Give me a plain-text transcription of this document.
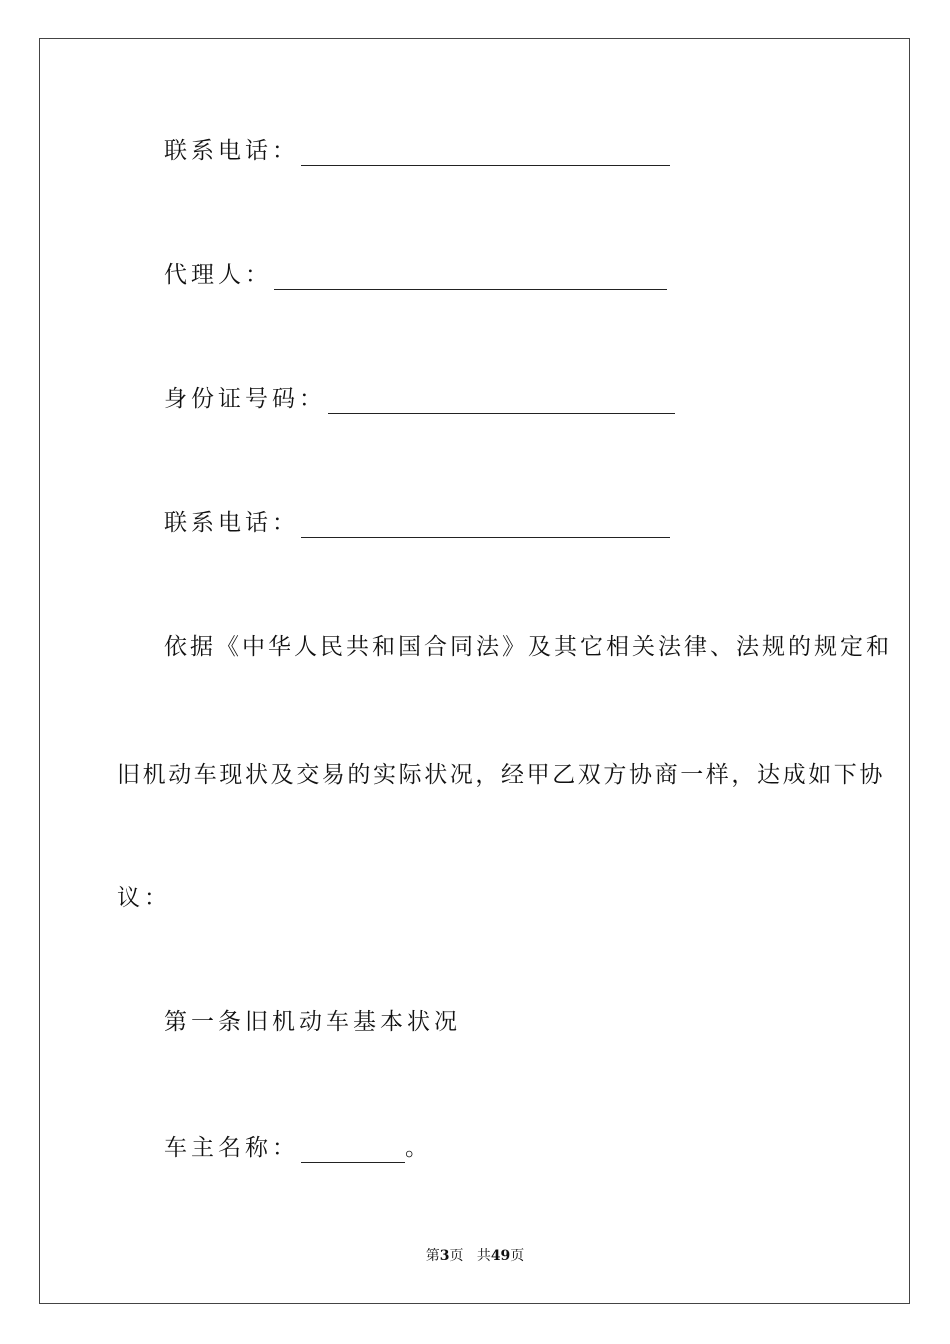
联系电话：
代理人：
身份证号码：
联系电话：
依据《中华人民共和国合同法》及其它相关法律、法规的规定和
旧机动车现状及交易的实际状况，经甲乙双方协商一样，达成如下协
议：
第一条旧机动车基本状况
车主名称：	。
第3页 共49页
